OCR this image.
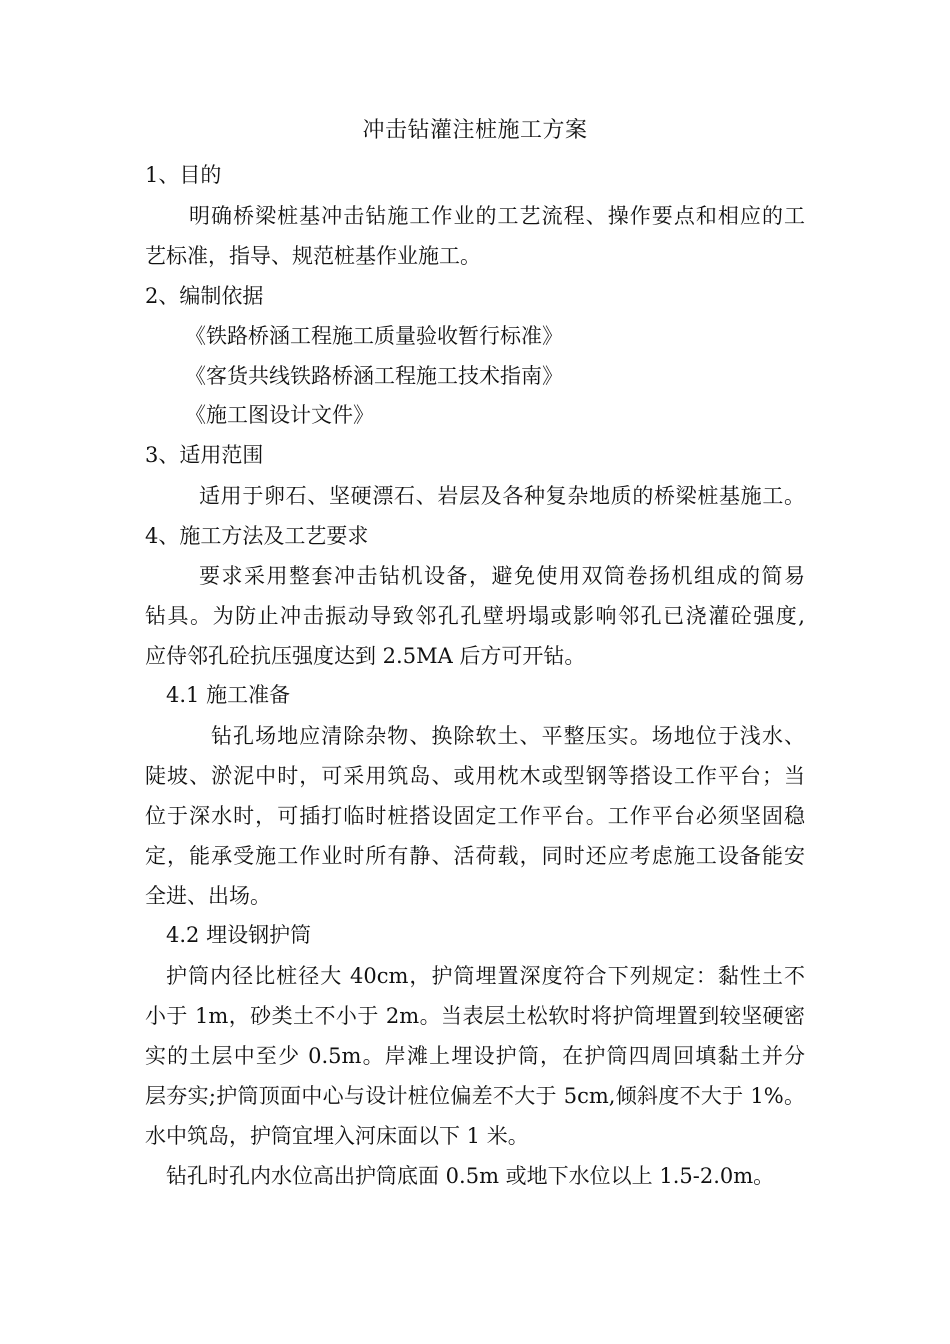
冲击钻灌注桩施工方案
1、目的
明确桥梁桩基冲击钻施工作业的工艺流程、操作要点和相应的工
艺标准，指导、规范桩基作业施工。
2、编制依据
《铁路桥涵工程施工质量验收暂行标准》
《客货共线铁路桥涵工程施工技术指南》
《施工图设计文件》
3、适用范围
适用于卵石、坚硬漂石、岩层及各种复杂地质的桥梁桩基施工。
4、施工方法及工艺要求
要求采用整套冲击钻机设备，避免使用双筒卷扬机组成的简易
钻具。为防止冲击振动导致邻孔孔壁坍塌或影响邻孔已浇灌砼强度,
应侍邻孔砼抗压强度达到 2.5MA 后方可开钻。
4.1 施工准备
钻孔场地应清除杂物、换除软土、平整压实。场地位于浅水、
陡坡、淤泥中时，可采用筑岛、或用枕木或型钢等搭设工作平台；当
位于深水时，可插打临时桩搭设固定工作平台。工作平台必须坚固稳
定，能承受施工作业时所有静、活荷载，同时还应考虑施工设备能安
全进、出场。
4.2 埋设钢护筒
护筒内径比桩径大 40cm，护筒埋置深度符合下列规定：黏性土不
小于 1m，砂类土不小于 2m。当表层土松软时将护筒埋置到较坚硬密
实的土层中至少 0.5m。岸滩上埋设护筒，在护筒四周回填黏土并分
层夯实;护筒顶面中心与设计桩位偏差不大于 5cm,倾斜度不大于 1%。
水中筑岛，护筒宜埋入河床面以下 1 米。
钻孔时孔内水位高出护筒底面 0.5m 或地下水位以上 1.5-2.0m。
